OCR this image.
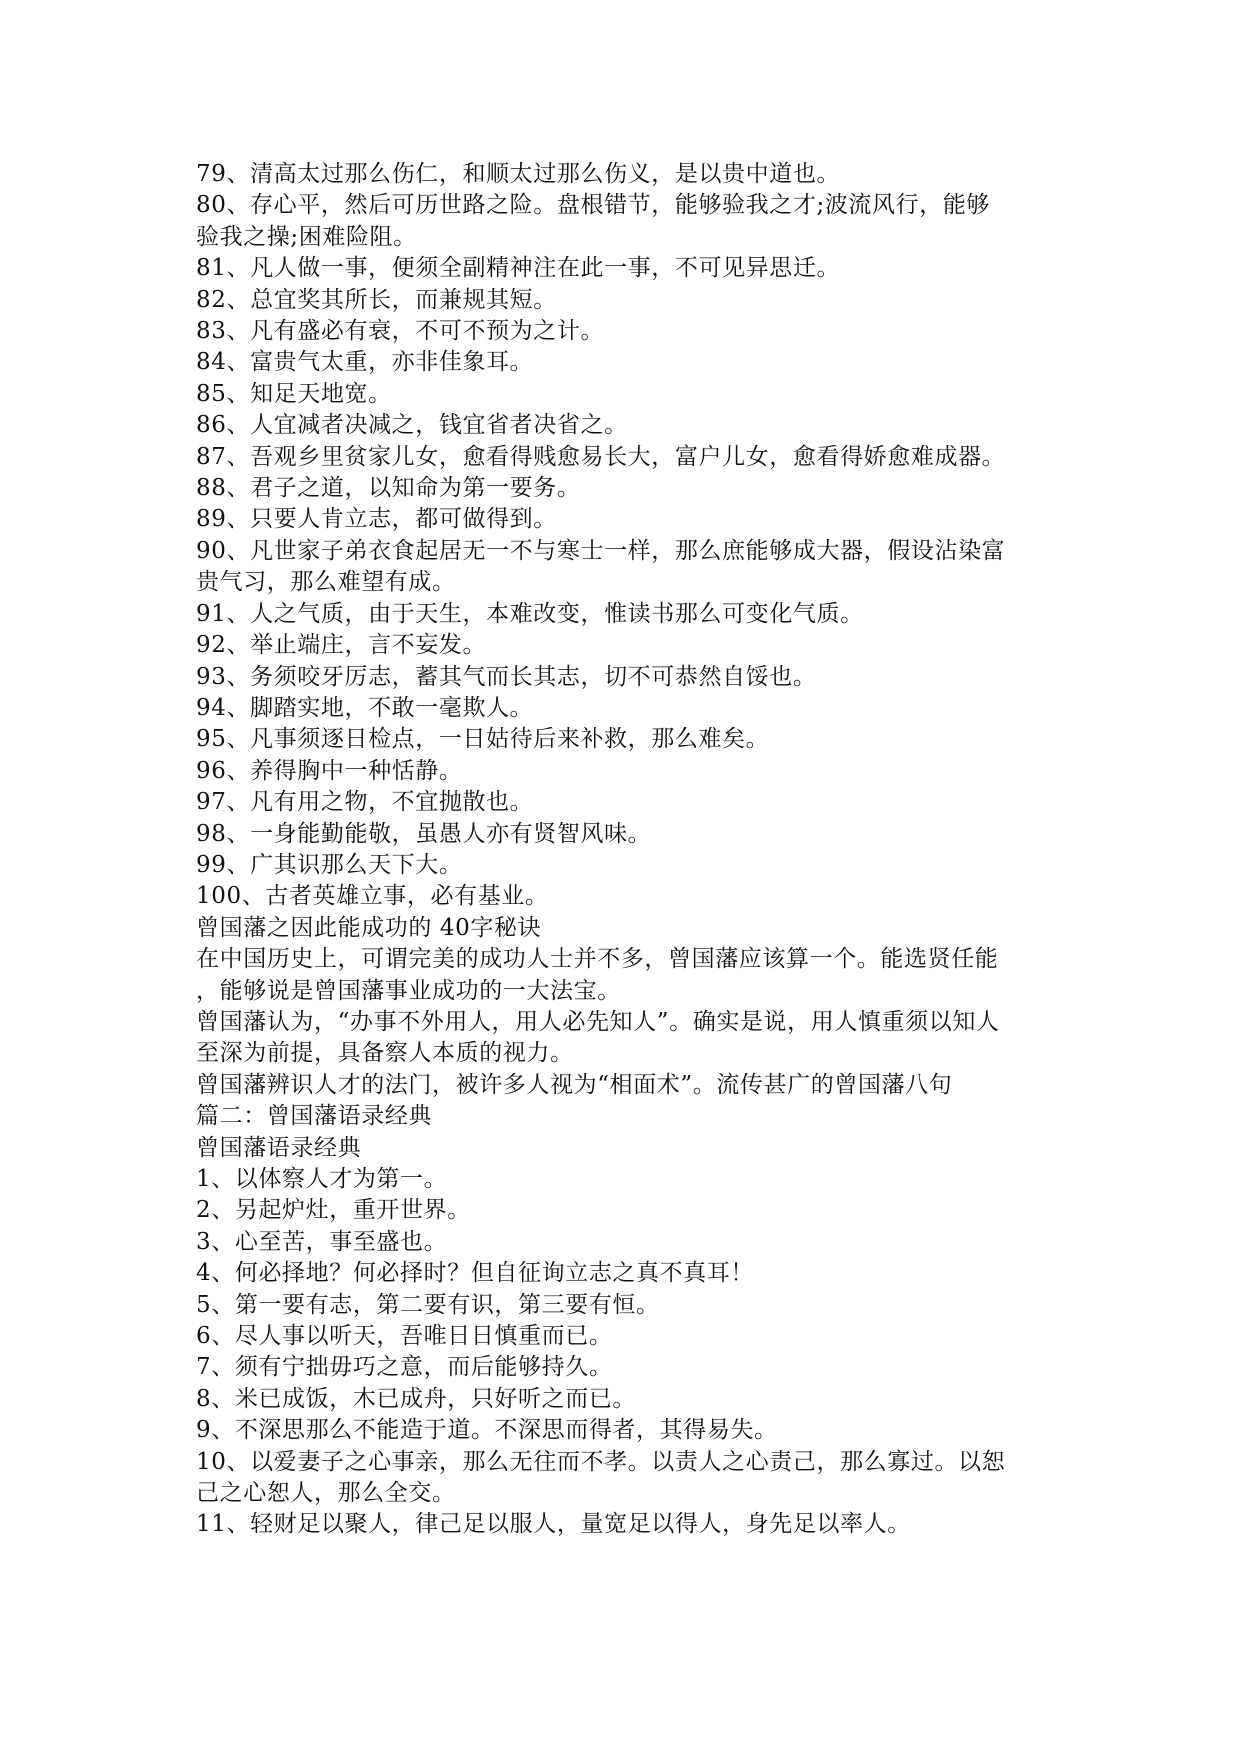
79、清高太过那么伤仁，和顺太过那么伤义，是以贵中道也。
80、存心平，然后可历世路之险。盘根错节，能够验我之才;波流风行，能够
验我之操;困难险阻。
81、凡人做一事，便须全副精神注在此一事，不可见异思迁。
82、总宜奖其所长，而兼规其短。
83、凡有盛必有衰，不可不预为之计。
84、富贵气太重，亦非佳象耳。
85、知足天地宽。
86、人宜减者决减之，钱宜省者决省之。
87、吾观乡里贫家儿女，愈看得贱愈易长大，富户儿女，愈看得娇愈难成器。
88、君子之道，以知命为第一要务。
89、只要人肯立志，都可做得到。
90、凡世家子弟衣食起居无一不与寒士一样，那么庶能够成大器，假设沾染富
贵气习，那么难望有成。
91、人之气质，由于天生，本难改变，惟读书那么可变化气质。
92、举止端庄，言不妄发。
93、务须咬牙厉志，蓄其气而长其志，切不可恭然自馁也。
94、脚踏实地，不敢一毫欺人。
95、凡事须逐日检点，一日姑待后来补救，那么难矣。
96、养得胸中一种恬静。
97、凡有用之物，不宜抛散也。
98、一身能勤能敬，虽愚人亦有贤智风味。
99、广其识那么天下大。
100、古者英雄立事，必有基业。
曾国藩之因此能成功的 40字秘诀
在中国历史上，可谓完美的成功人士并不多，曾国藩应该算一个。能选贤任能
，能够说是曾国藩事业成功的一大法宝。
曾国藩认为，“办事不外用人，用人必先知人”。确实是说，用人慎重须以知人
至深为前提，具备察人本质的视力。
曾国藩辨识人才的法门，被许多人视为“相面术”。流传甚广的曾国藩八句
篇二：曾国藩语录经典
曾国藩语录经典
1、以体察人才为第一。
2、另起炉灶，重开世界。
3、心至苦，事至盛也。
4、何必择地？何必择时？但自征询立志之真不真耳！
5、第一要有志，第二要有识，第三要有恒。
6、尽人事以听天，吾唯日日慎重而已。
7、须有宁拙毋巧之意，而后能够持久。
8、米已成饭，木已成舟，只好听之而已。
9、不深思那么不能造于道。不深思而得者，其得易失。
10、以爱妻子之心事亲，那么无往而不孝。以责人之心责己，那么寡过。以恕
己之心恕人，那么全交。
11、轻财足以聚人，律己足以服人，量宽足以得人，身先足以率人。
